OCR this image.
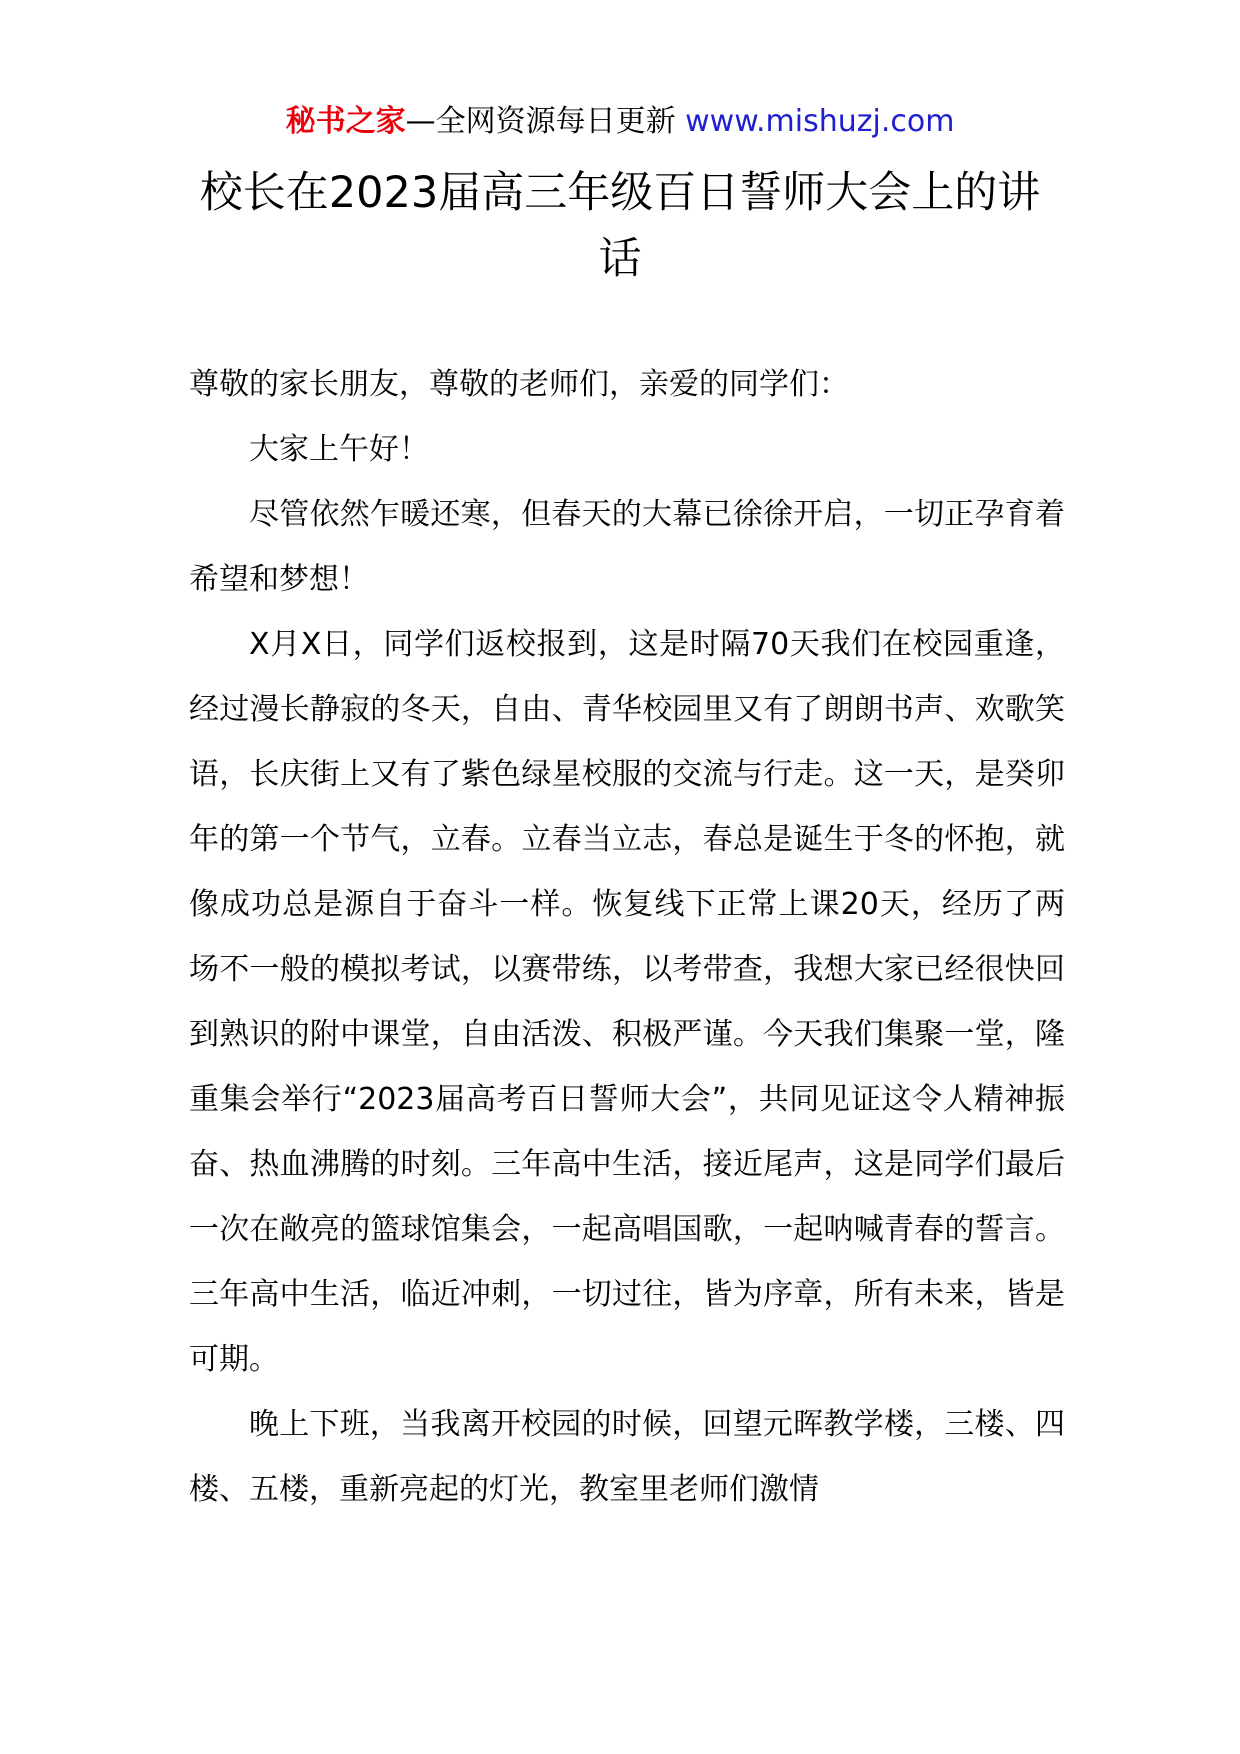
秘书之家—全网资源每日更新 www.mishuzj.com
校长在2023届高三年级百日誓师大会上的讲话

尊敬的家长朋友，尊敬的老师们，亲爱的同学们：

大家上午好！

尽管依然乍暖还寒，但春天的大幕已徐徐开启，一切正孕育着希望和梦想！

X月X日，同学们返校报到，这是时隔70天我们在校园重逢，经过漫长静寂的冬天，自由、青华校园里又有了朗朗书声、欢歌笑语，长庆街上又有了紫色绿星校服的交流与行走。这一天，是癸卯年的第一个节气，立春。立春当立志，春总是诞生于冬的怀抱，就像成功总是源自于奋斗一样。恢复线下正常上课20天，经历了两场不一般的模拟考试，以赛带练，以考带查，我想大家已经很快回到熟识的附中课堂，自由活泼、积极严谨。今天我们集聚一堂，隆重集会举行“2023届高考百日誓师大会”，共同见证这令人精神振奋、热血沸腾的时刻。三年高中生活，接近尾声，这是同学们最后一次在敞亮的篮球馆集会，一起高唱国歌，一起呐喊青春的誓言。三年高中生活，临近冲刺，一切过往，皆为序章，所有未来，皆是可期。

晚上下班，当我离开校园的时候，回望元晖教学楼，三楼、四楼、五楼，重新亮起的灯光，教室里老师们激情
